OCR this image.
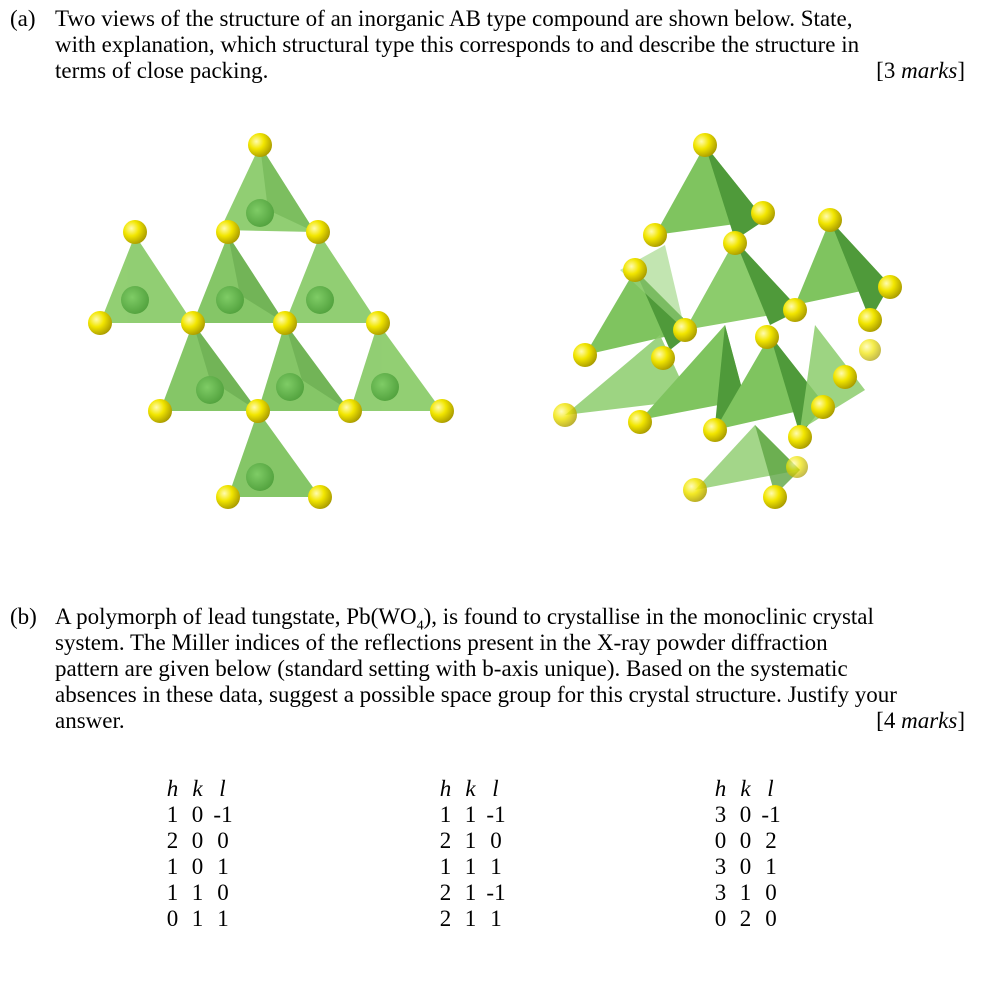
(a) Two views of the structure of an inorganic AB type compound are shown below. State,
with explanation, which structural type this corresponds to and describe the structure in
terms of close packing.	[3 marks]
(b) A polymorph of lead tungstate, $Pb(WO_4)$, is found to crystallise in the monoclinic crystal
system. The Miller indices of the reflections present in the X-ray powder diffraction
pattern are given below (standard setting with b-axis unique). Based on the systematic
absences in these data, suggest a possible space group for this crystal structure. Justify your
answer.	[4 marks]
h k l
1 0 -1
2 0 0
1 0 1
1 1 0
0 1 1
h k l
1 1 -1
2 1 0
1 1 1
2 1 -1
2 1 1
h k l
3 0 -1
0 0 2
3 0 1
3 1 0
0 2 0
